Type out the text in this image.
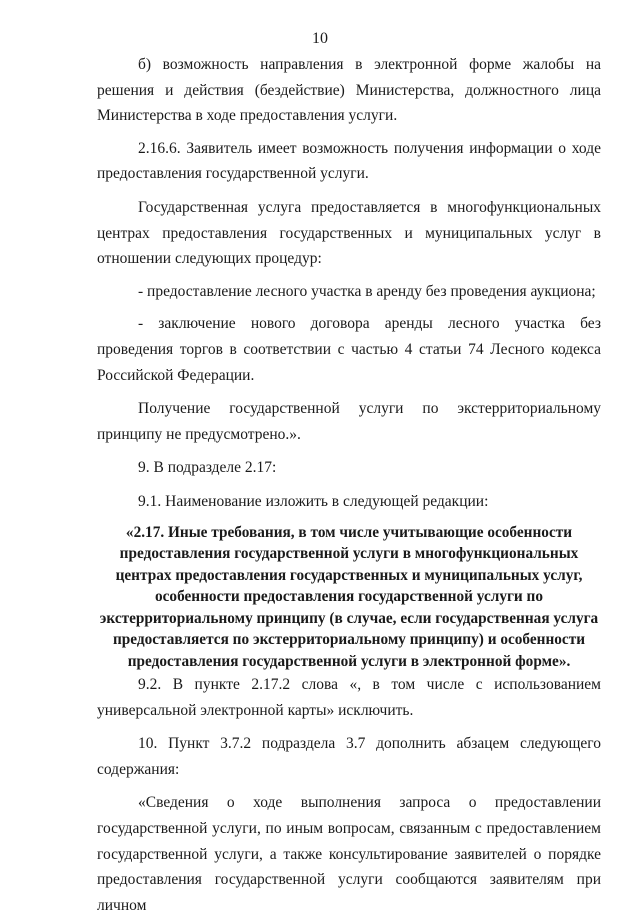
10

б) возможность направления в электронной форме жалобы на решения и действия (бездействие) Министерства, должностного лица Министерства в ходе предоставления услуги.

2.16.6. Заявитель имеет возможность получения информации о ходе предоставления государственной услуги.

Государственная услуга предоставляется в многофункциональных центрах предоставления государственных и муниципальных услуг в отношении следующих процедур:

- предоставление лесного участка в аренду без проведения аукциона;

- заключение нового договора аренды лесного участка без проведения торгов в соответствии с частью 4 статьи 74 Лесного кодекса Российской Федерации.

Получение государственной услуги по экстерриториальному принципу не предусмотрено.».

9. В подразделе 2.17:

9.1. Наименование изложить в следующей редакции:

«2.17. Иные требования, в том числе учитывающие особенности
предоставления государственной услуги в многофункциональных
центрах предоставления государственных и муниципальных услуг,
особенности предоставления государственной услуги по
экстерриториальному принципу (в случае, если государственная услуга
предоставляется по экстерриториальному принципу) и особенности
предоставления государственной услуги в электронной форме».

9.2. В пункте 2.17.2 слова «, в том числе с использованием универсальной электронной карты» исключить.

10. Пункт 3.7.2 подраздела 3.7 дополнить абзацем следующего содержания:

«Сведения о ходе выполнения запроса о предоставлении государственной услуги, по иным вопросам, связанным с предоставлением государственной услуги, а также консультирование заявителей о порядке предоставления государственной услуги сообщаются заявителям при личном
